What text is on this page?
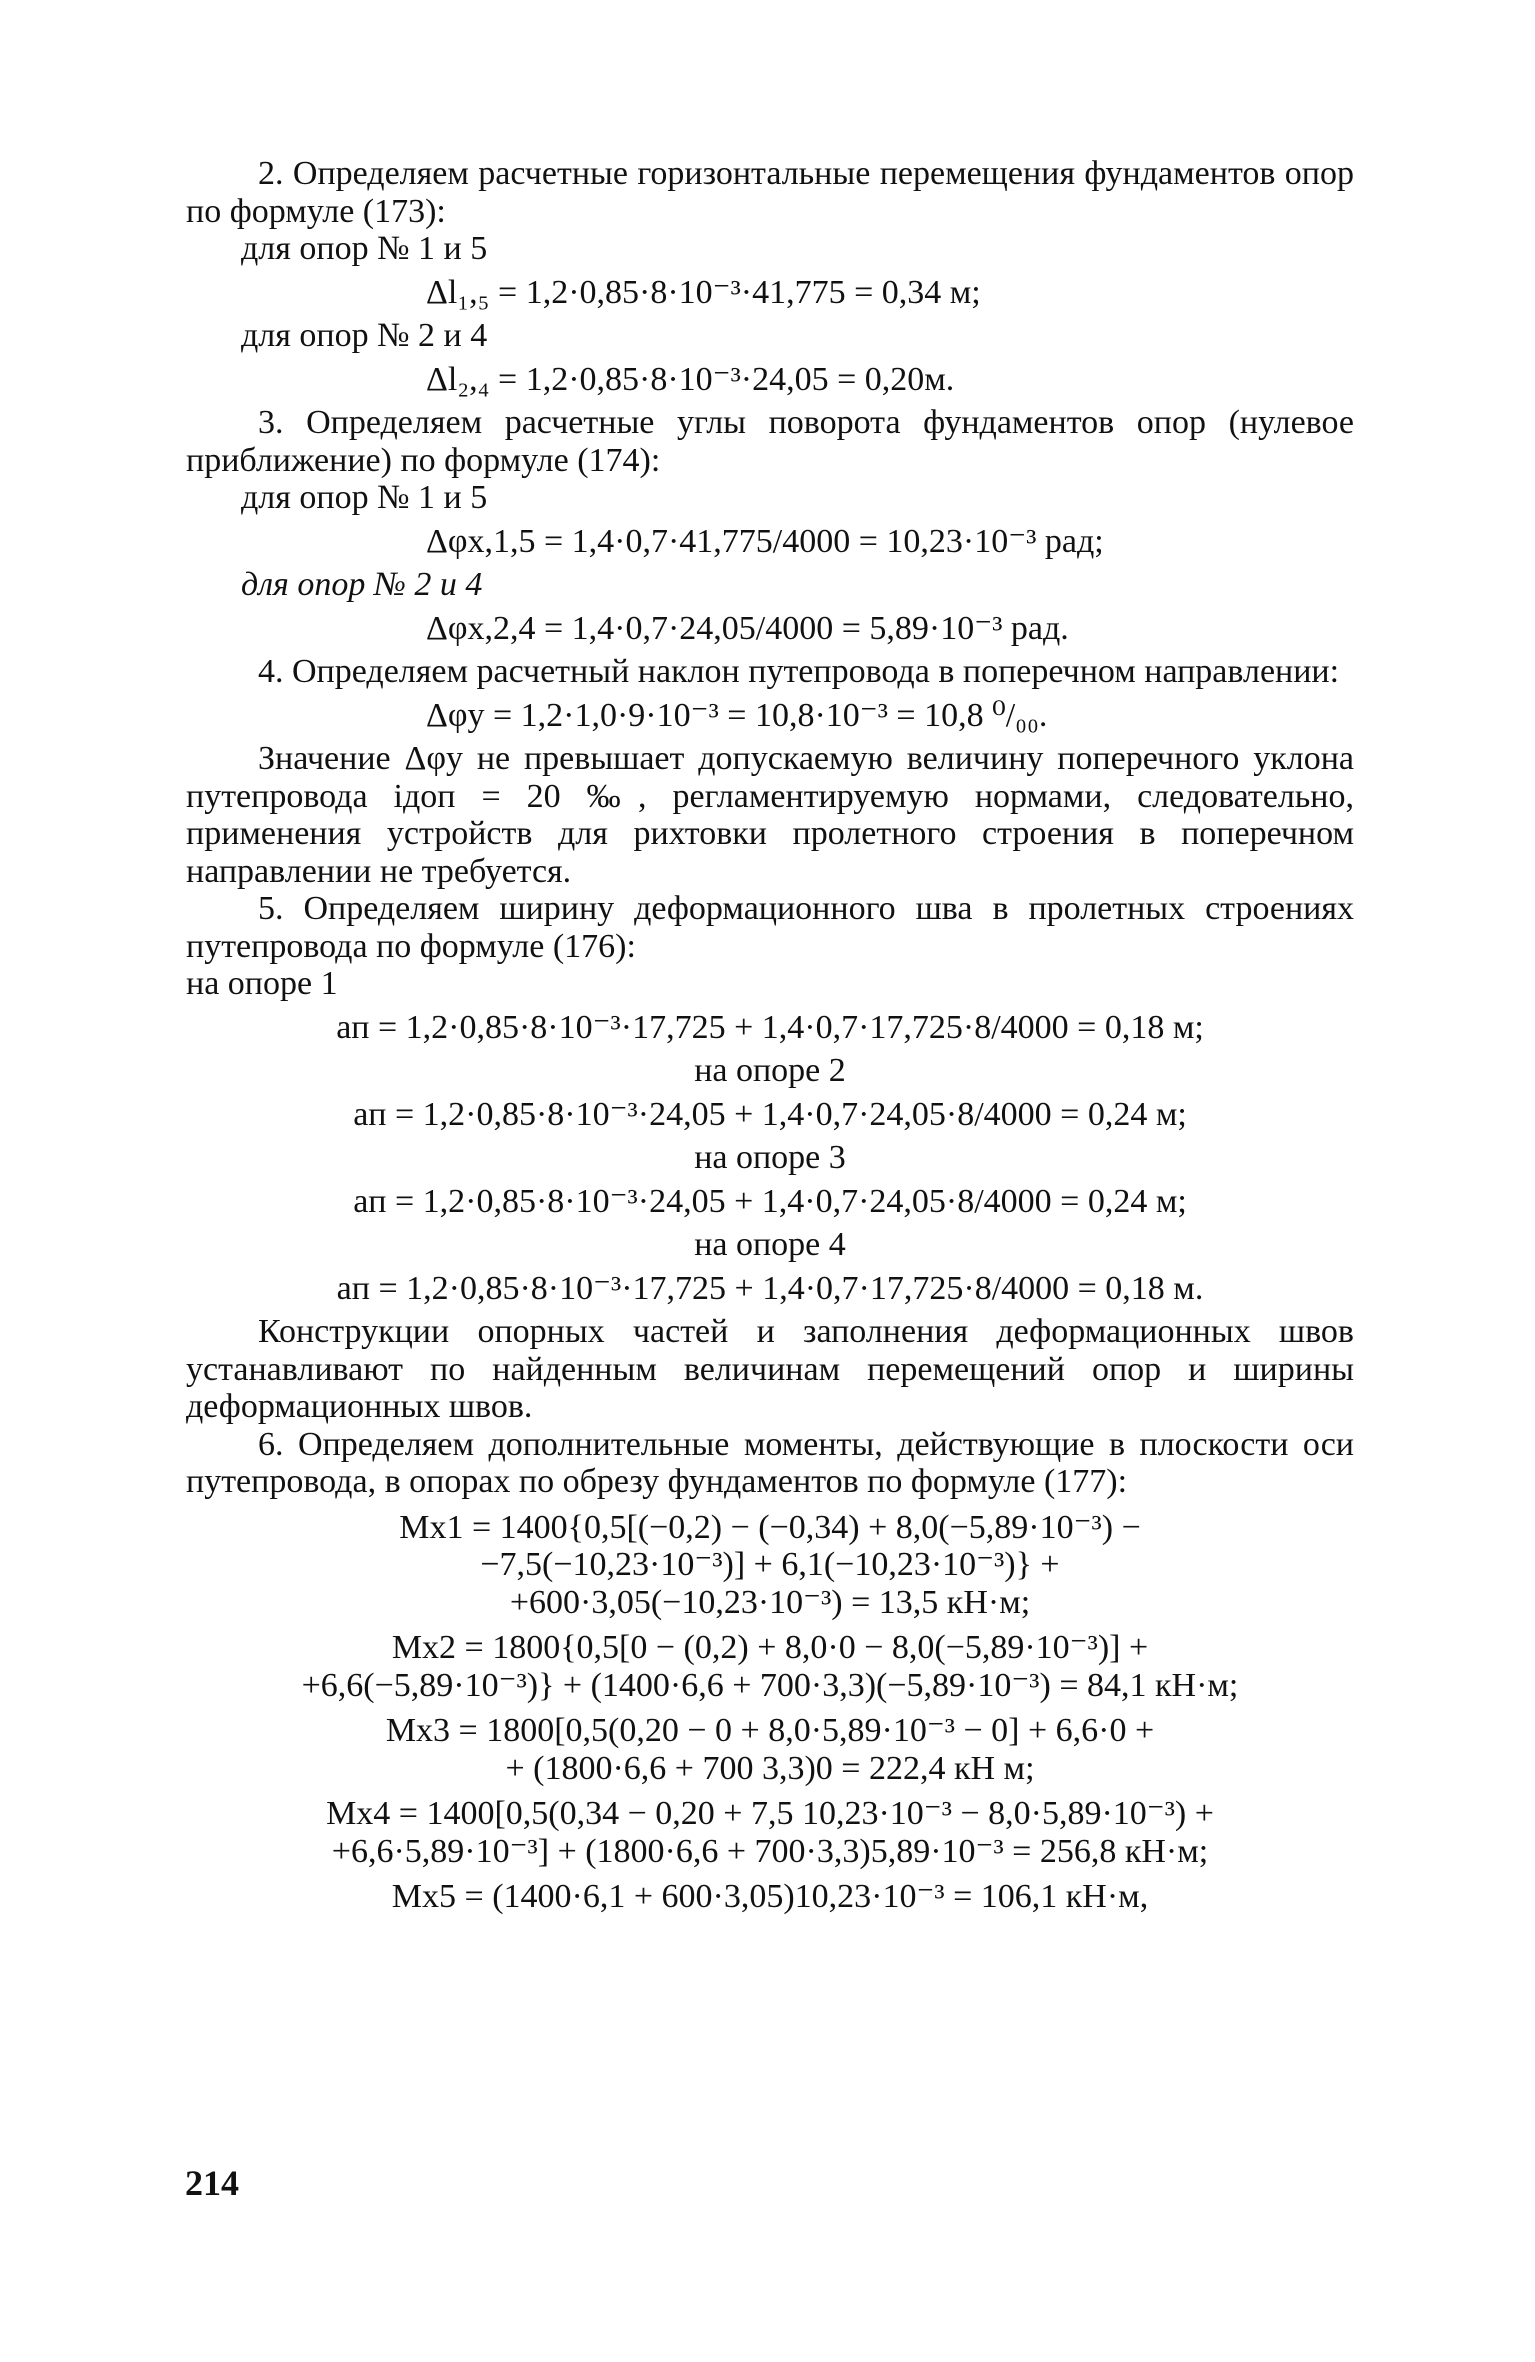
2. Определяем расчетные горизонтальные перемещения фундаментов опор по формуле (173):

для опор № 1 и 5

Δl₁,₅ = 1,2·0,85·8·10⁻³·41,775 = 0,34 м;

для опор № 2 и 4

Δl₂,₄ = 1,2·0,85·8·10⁻³·24,05 = 0,20м.

3. Определяем расчетные углы поворота фундаментов опор (нулевое приближение) по формуле (174):

для опор № 1 и 5

Δφx,1,5 = 1,4·0,7·41,775/4000 = 10,23·10⁻³ рад;

для опор № 2 и 4

Δφx,2,4 = 1,4·0,7·24,05/4000 = 5,89·10⁻³ рад.

4. Определяем расчетный наклон путепровода в поперечном направлении:

Δφy = 1,2·1,0·9·10⁻³ = 10,8·10⁻³ = 10,8 ⁰/₀₀.

Значение Δφy не превышает допускаемую величину поперечного уклона путепровода iдоп = 20 ‰, регламентируемую нормами, следовательно, применения устройств для рихтовки пролетного строения в поперечном направлении не требуется.

5. Определяем ширину деформационного шва в пролетных строениях путепровода по формуле (176):

на опоре 1

aп = 1,2·0,85·8·10⁻³·17,725 + 1,4·0,7·17,725·8/4000 = 0,18 м;

на опоре 2

aп = 1,2·0,85·8·10⁻³·24,05 + 1,4·0,7·24,05·8/4000 = 0,24 м;

на опоре 3

aп = 1,2·0,85·8·10⁻³·24,05 + 1,4·0,7·24,05·8/4000 = 0,24 м;

на опоре 4

aп = 1,2·0,85·8·10⁻³·17,725 + 1,4·0,7·17,725·8/4000 = 0,18 м.

Конструкции опорных частей и заполнения деформационных швов устанавливают по найденным величинам перемещений опор и ширины деформационных швов.

6. Определяем дополнительные моменты, действующие в плоскости оси путепровода, в опорах по обрезу фундаментов по формуле (177):

Mx1 = 1400{0,5[(−0,2) − (−0,34) + 8,0(−5,89·10⁻³) −
−7,5(−10,23·10⁻³)] + 6,1(−10,23·10⁻³)} +
+600·3,05(−10,23·10⁻³) = 13,5 кН·м;
Mx2 = 1800{0,5[0 − (0,2) + 8,0·0 − 8,0(−5,89·10⁻³)] +
+6,6(−5,89·10⁻³)} + (1400·6,6 + 700·3,3)(−5,89·10⁻³) = 84,1 кН·м;
Mx3 = 1800[0,5(0,20 − 0 + 8,0·5,89·10⁻³ − 0] + 6,6·0 +
+ (1800·6,6 + 700 3,3)0 = 222,4 кН м;
Mx4 = 1400[0,5(0,34 − 0,20 + 7,5 10,23·10⁻³ − 8,0·5,89·10⁻³) +
+6,6·5,89·10⁻³] + (1800·6,6 + 700·3,3)5,89·10⁻³ = 256,8 кН·м;
Mx5 = (1400·6,1 + 600·3,05)10,23·10⁻³ = 106,1 кН·м,
214
